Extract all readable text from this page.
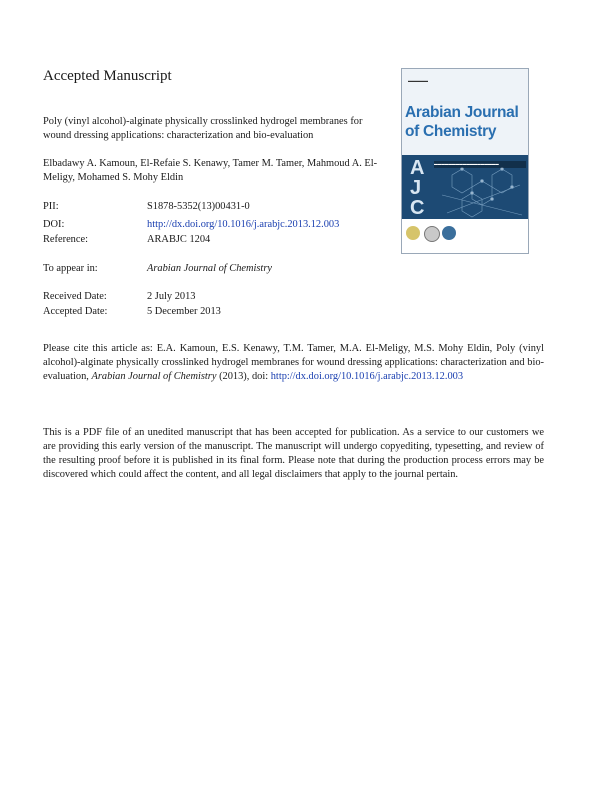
Accepted Manuscript
Poly (vinyl alcohol)-alginate physically crosslinked hydrogel membranes for wound dressing applications: characterization and bio-evaluation
Elbadawy A. Kamoun, El-Refaie S. Kenawy, Tamer M. Tamer, Mahmoud A. El-Meligy, Mohamed S. Mohy Eldin
PII:	S1878-5352(13)00431-0
DOI:	http://dx.doi.org/10.1016/j.arabjc.2013.12.003
Reference:	ARABJC 1204
To appear in:	Arabian Journal of Chemistry
Received Date:	2 July 2013
Accepted Date:	5 December 2013
Please cite this article as: E.A. Kamoun, E.S. Kenawy, T.M. Tamer, M.A. El-Meligy, M.S. Mohy Eldin, Poly (vinyl alcohol)-alginate physically crosslinked hydrogel membranes for wound dressing applications: characterization and bio-evaluation, Arabian Journal of Chemistry (2013), doi: http://dx.doi.org/10.1016/j.arabjc.2013.12.003
This is a PDF file of an unedited manuscript that has been accepted for publication. As a service to our customers we are providing this early version of the manuscript. The manuscript will undergo copyediting, typesetting, and review of the resulting proof before it is published in its final form. Please note that during the production process errors may be discovered which could affect the content, and all legal disclaimers that apply to the journal pertain.
▬▬▬▬▬
Arabian Journal of Chemistry
A
J
C
▬▬▬▬▬▬▬▬▬▬▬▬▬▬▬▬▬▬
